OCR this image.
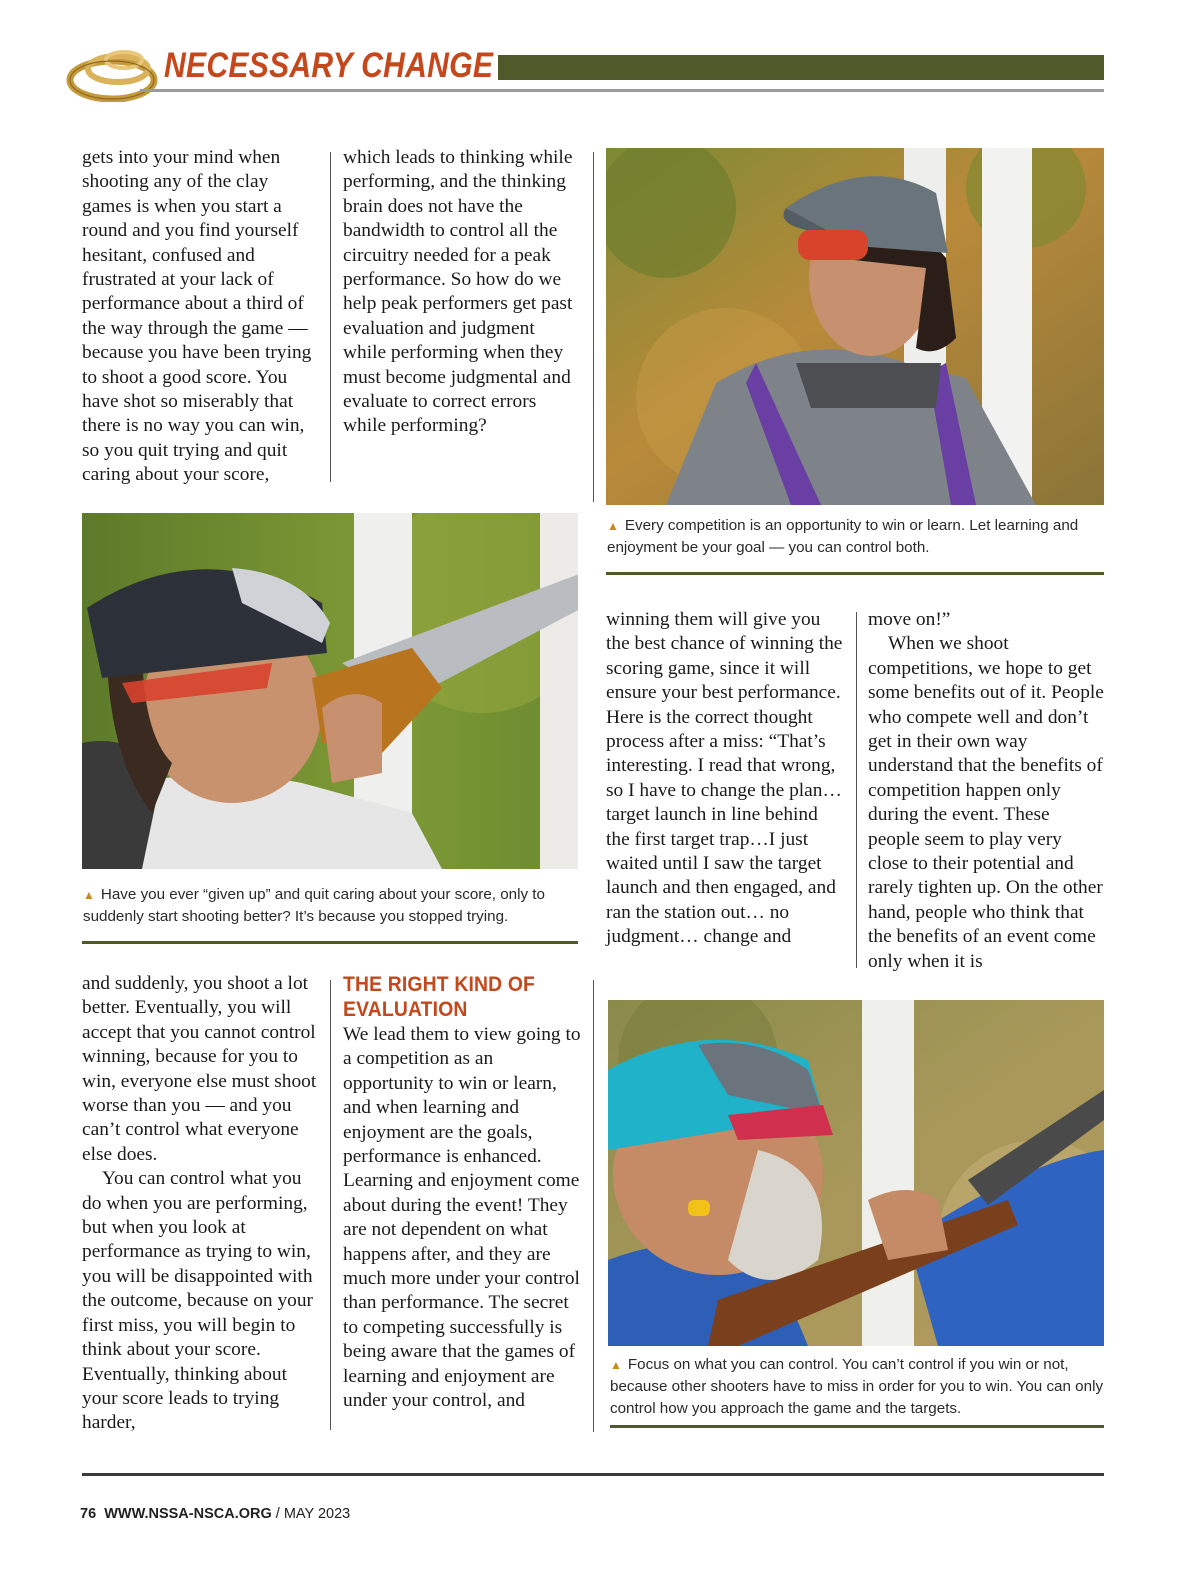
NECESSARY CHANGE

gets into your mind when shooting any of the clay games is when you start a round and you find yourself hesitant, confused and frustrated at your lack of performance about a third of the way through the game — because you have been trying to shoot a good score. You have shot so miserably that there is no way you can win, so you quit trying and quit caring about your score,

which leads to thinking while performing, and the thinking brain does not have the bandwidth to control all the circuitry needed for a peak performance. So how do we help peak performers get past evaluation and judgment while performing when they must become judgmental and evaluate to correct errors while performing?

▲ Every competition is an opportunity to win or learn. Let learning and enjoyment be your goal — you can control both.
▲ Have you ever “given up” and quit caring about your score, only to suddenly start shooting better? It’s because you stopped trying.

winning them will give you the best chance of winning the scoring game, since it will ensure your best performance. Here is the correct thought process after a miss: “That’s interesting. I read that wrong, so I have to change the plan…target launch in line behind the first target trap…I just waited until I saw the target launch and then engaged, and ran the station out… no judgment… change and

move on!”

When we shoot competitions, we hope to get some benefits out of it. People who compete well and don’t get in their own way understand that the benefits of competition happen only during the event. These people seem to play very close to their potential and rarely tighten up. On the other hand, people who think that the benefits of an event come only when it is

and suddenly, you shoot a lot better. Eventually, you will accept that you cannot control winning, because for you to win, everyone else must shoot worse than you — and you can’t control what everyone else does.

You can control what you do when you are performing, but when you look at performance as trying to win, you will be disappointed with the outcome, because on your first miss, you will begin to think about your score. Eventually, thinking about your score leads to trying harder,

THE RIGHT KIND OF
EVALUATION

We lead them to view going to a competition as an opportunity to win or learn, and when learning and enjoyment are the goals, performance is enhanced. Learning and enjoyment come about during the event! They are not dependent on what happens after, and they are much more under your control than performance. The secret to competing successfully is being aware that the games of learning and enjoyment are under your control, and

▲ Focus on what you can control. You can’t control if you win or not, because other shooters have to miss in order for you to win. You can only control how you approach the game and the targets.
76 WWW.NSSA-NSCA.ORG / MAY 2023
